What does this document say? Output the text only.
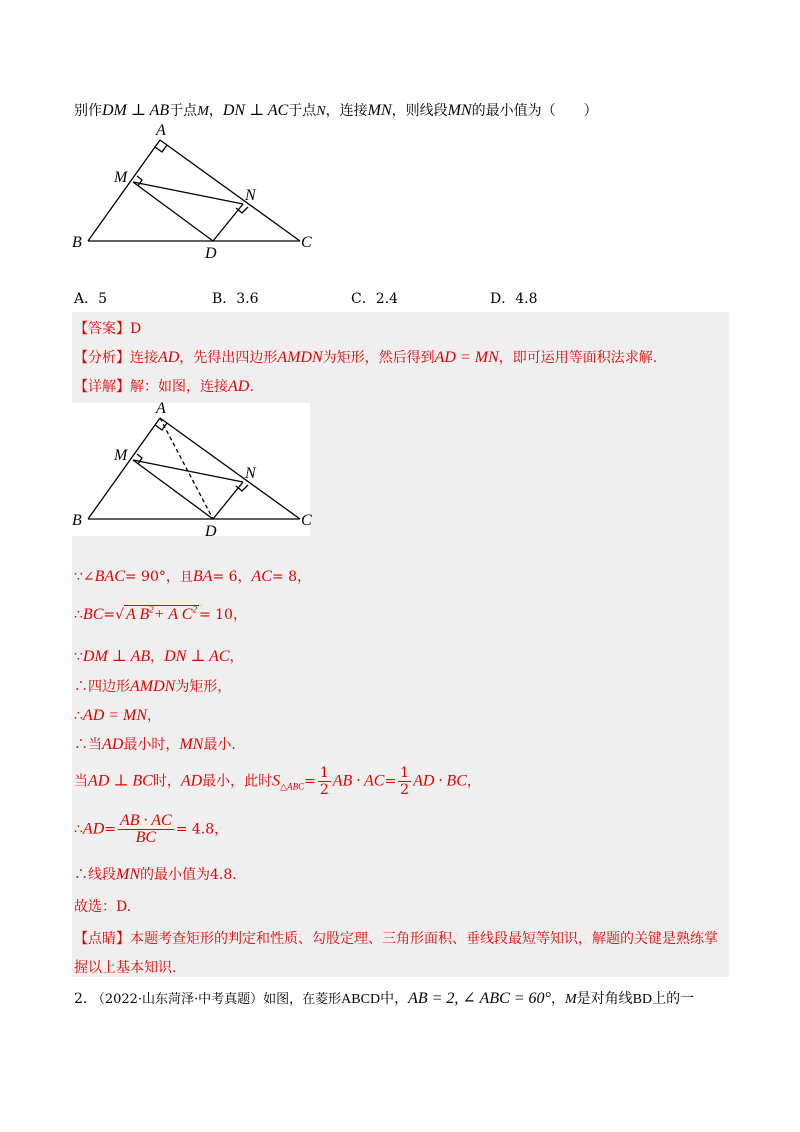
别作DM ⊥ AB于点M，DN ⊥ AC于点N，连接MN，则线段MN的最小值为（　　）
A
M
N
B
D
C
A．5	B．3.6	C．2.4	D．4.8
【答案】D
【分析】连接AD，先得出四边形AMDN为矩形，然后得到AD = MN，即可运用等面积法求解.
【详解】解：如图，连接AD.
A
M
N
B
D
C
∵∠BAC= 90°，且BA= 6，AC= 8，
∴BC=√ A $B^2+ A$ $C^2 = 10$，
∵DM ⊥ AB，DN ⊥ AC，
∴四边形AMDN为矩形，
∴AD = MN，
∴当AD最小时，MN最小.
当AD ⊥ BC时，AD最小，此时$S_{\triangle ABC}= \frac{1}{2}$ AB · $AC= \frac{1}{2}$ AD · BC，
∴AD= $\frac{AB \cdot AC}{BC} = 4.8$，
∴线段MN的最小值为4.8.
故选：D.
【点睛】本题考查矩形的判定和性质、勾股定理、三角形面积、垂线段最短等知识，解题的关键是熟练掌
握以上基本知识.
2. （2022·山东菏泽·中考真题）如图，在菱形ABCD中，AB = 2, ∠ ABC = 60°，M是对角线BD上的一
